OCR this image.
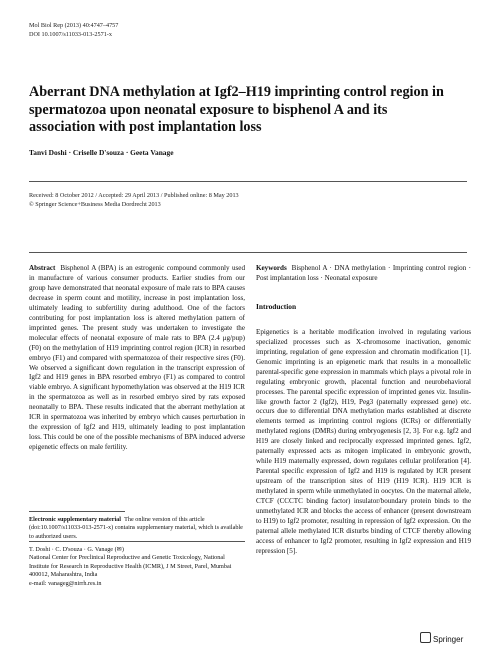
Mol Biol Rep (2013) 40:4747–4757
DOI 10.1007/s11033-013-2571-x
Aberrant DNA methylation at Igf2–H19 imprinting control region in spermatozoa upon neonatal exposure to bisphenol A and its association with post implantation loss
Tanvi Doshi · Criselle D'souza · Geeta Vanage
Received: 8 October 2012 / Accepted: 29 April 2013 / Published online: 8 May 2013
© Springer Science+Business Media Dordrecht 2013

Abstract Bisphenol A (BPA) is an estrogenic compound commonly used in manufacture of various consumer products. Earlier studies from our group have demonstrated that neonatal exposure of male rats to BPA causes decrease in sperm count and motility, increase in post implantation loss, ultimately leading to subfertility during adulthood. One of the factors contributing for post implantation loss is altered methylation pattern of imprinted genes. The present study was undertaken to investigate the molecular effects of neonatal exposure of male rats to BPA (2.4 μg/pup) (F0) on the methylation of H19 imprinting control region (ICR) in resorbed embryo (F1) and compared with spermatozoa of their respective sires (F0). We observed a significant down regulation in the transcript expression of Igf2 and H19 genes in BPA resorbed embryo (F1) as compared to control viable embryo. A significant hypomethylation was observed at the H19 ICR in the spermatozoa as well as in resorbed embryo sired by rats exposed neonatally to BPA. These results indicated that the aberrant methylation at ICR in spermatozoa was inherited by embryo which causes perturbation in the expression of Igf2 and H19, ultimately leading to post implantation loss. This could be one of the possible mechanisms of BPA induced adverse epigenetic effects on male fertility.

Electronic supplementary material The online version of this article (doi:10.1007/s11033-013-2571-x) contains supplementary material, which is available to authorized users.
T. Doshi · C. D'souza · G. Vanage (✉)
National Center for Preclinical Reproductive and Genetic Toxicology, National Institute for Research in Reproductive Health (ICMR), J M Street, Parel, Mumbai 400012, Maharashtra, India
e-mail: vanageg@nirrh.res.in

Keywords Bisphenol A · DNA methylation · Imprinting control region · Post implantation loss · Neonatal exposure

Introduction

Epigenetics is a heritable modification involved in regulating various specialized processes such as X-chromosome inactivation, genomic imprinting, regulation of gene expression and chromatin modification [1]. Genomic imprinting is an epigenetic mark that results in a monoallelic parental-specific gene expression in mammals which plays a pivotal role in regulating embryonic growth, placental function and neurobehavioral processes. The parental specific expression of imprinted genes viz. Insulin-like growth factor 2 (Igf2), H19, Peg3 (paternally expressed gene) etc. occurs due to differential DNA methylation marks established at discrete elements termed as imprinting control regions (ICRs) or differentially methylated regions (DMRs) during embryogenesis [2, 3]. For e.g. Igf2 and H19 are closely linked and reciprocally expressed imprinted genes. Igf2, paternally expressed acts as mitogen implicated in embryonic growth, while H19 maternally expressed, down regulates cellular proliferation [4]. Parental specific expression of Igf2 and H19 is regulated by ICR present upstream of the transcription sites of H19 (H19 ICR). H19 ICR is methylated in sperm while unmethylated in oocytes. On the maternal allele, CTCF (CCCTC binding factor) insulator/boundary protein binds to the unmethylated ICR and blocks the access of enhancer (present downstream to H19) to Igf2 promoter, resulting in repression of Igf2 expression. On the paternal allele methylated ICR disturbs binding of CTCF thereby allowing access of enhancer to Igf2 promoter, resulting in Igf2 expression and H19 repression [5].

Springer
